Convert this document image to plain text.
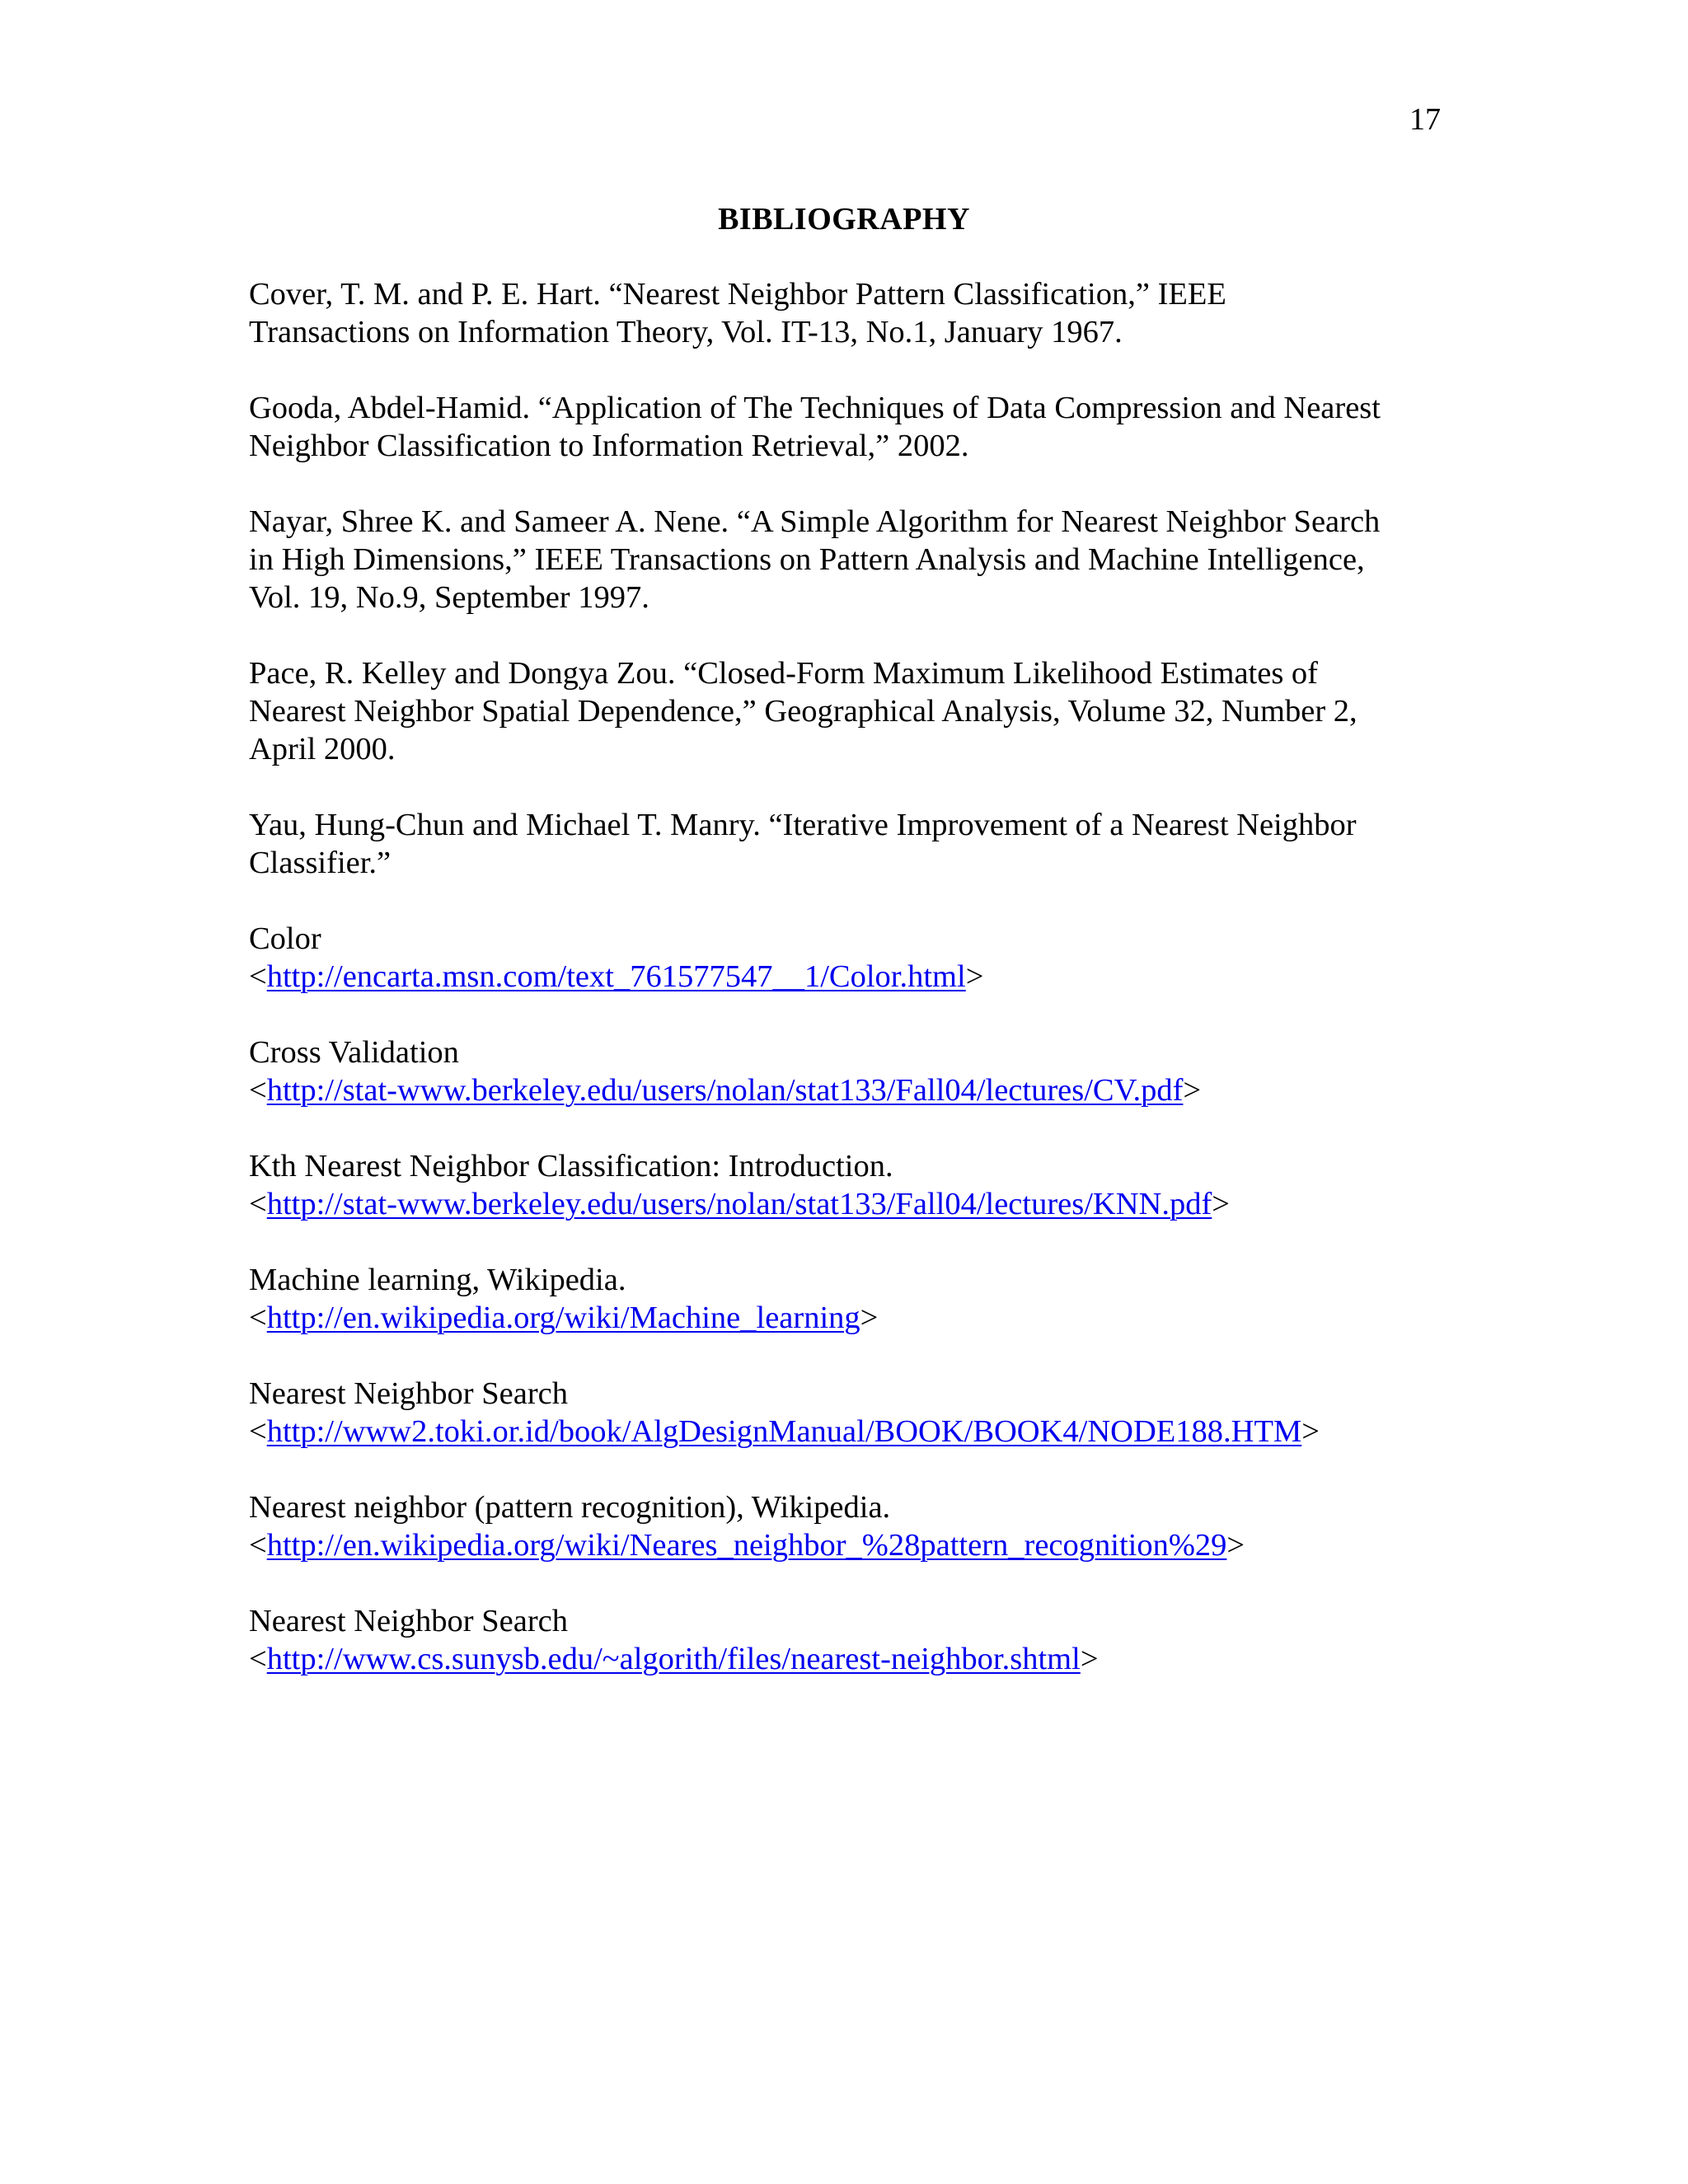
17
BIBLIOGRAPHY
Cover, T. M. and P. E. Hart. “Nearest Neighbor Pattern Classification,” IEEE
Transactions on Information Theory, Vol. IT-13, No.1, January 1967.
Gooda, Abdel-Hamid. “Application of The Techniques of Data Compression and Nearest
Neighbor Classification to Information Retrieval,” 2002.
Nayar, Shree K. and Sameer A. Nene. “A Simple Algorithm for Nearest Neighbor Search
in High Dimensions,” IEEE Transactions on Pattern Analysis and Machine Intelligence,
Vol. 19, No.9, September 1997.
Pace, R. Kelley and Dongya Zou. “Closed-Form Maximum Likelihood Estimates of
Nearest Neighbor Spatial Dependence,” Geographical Analysis, Volume 32, Number 2,
April 2000.
Yau, Hung-Chun and Michael T. Manry. “Iterative Improvement of a Nearest Neighbor
Classifier.”
Color
<http://encarta.msn.com/text_761577547__1/Color.html>
Cross Validation
<http://stat-www.berkeley.edu/users/nolan/stat133/Fall04/lectures/CV.pdf>
Kth Nearest Neighbor Classification: Introduction.
<http://stat-www.berkeley.edu/users/nolan/stat133/Fall04/lectures/KNN.pdf>
Machine learning, Wikipedia.
<http://en.wikipedia.org/wiki/Machine_learning>
Nearest Neighbor Search
<http://www2.toki.or.id/book/AlgDesignManual/BOOK/BOOK4/NODE188.HTM>
Nearest neighbor (pattern recognition), Wikipedia.
<http://en.wikipedia.org/wiki/Neares_neighbor_%28pattern_recognition%29>
Nearest Neighbor Search
<http://www.cs.sunysb.edu/~algorith/files/nearest-neighbor.shtml>
